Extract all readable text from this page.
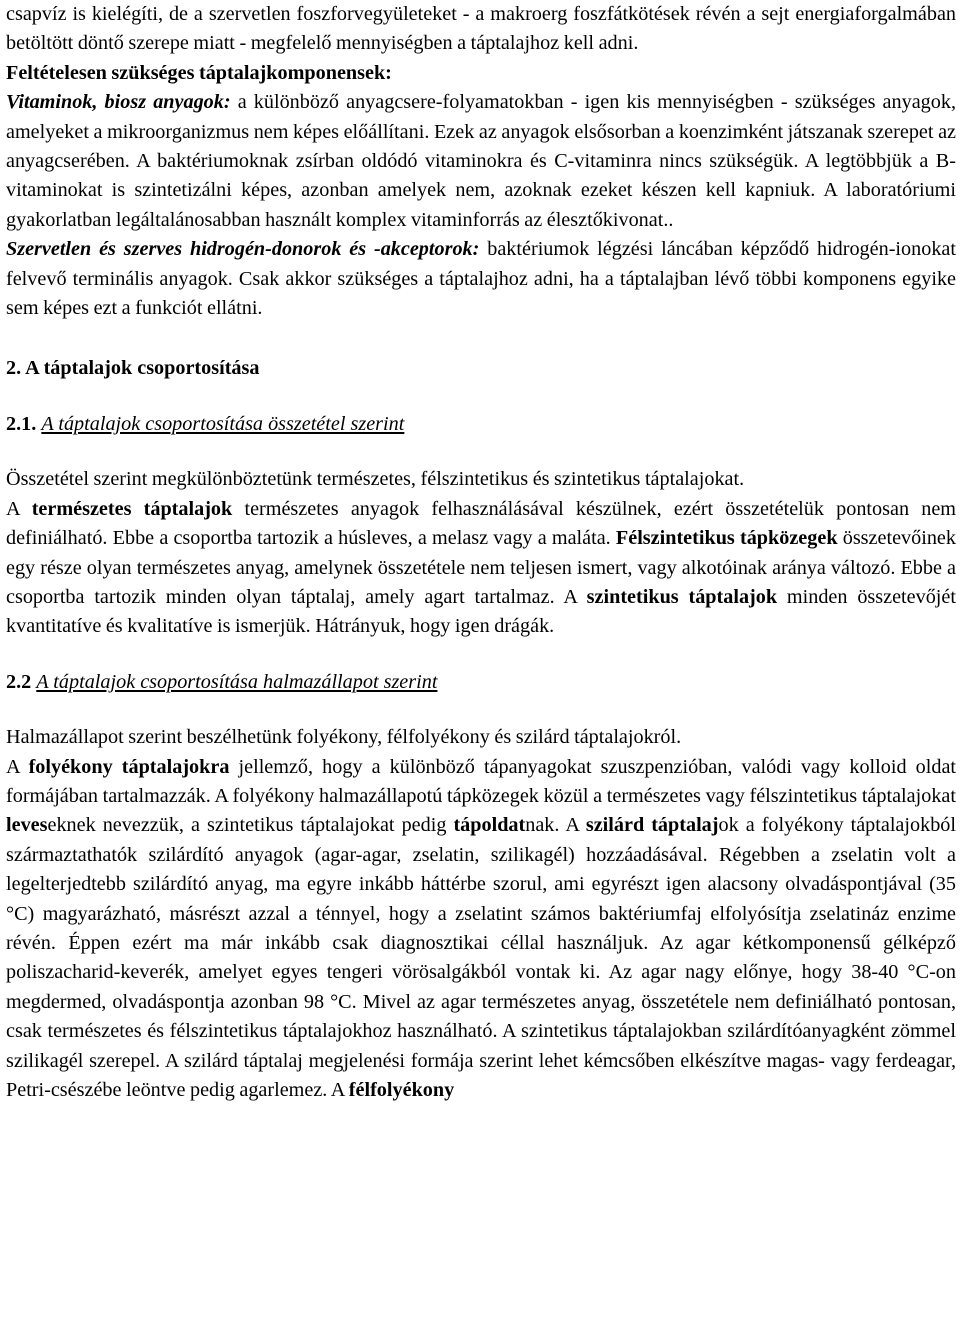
csapvíz is kielégíti, de a szervetlen foszforvegyületeket - a makroerg foszfátkötések révén a sejt energiaforgalmában betöltött döntő szerepe miatt - megfelelő mennyiségben a táptalajhoz kell adni.

Feltételesen szükséges táptalajkomponensek:

Vitaminok, biosz anyagok: a különböző anyagcsere-folyamatokban - igen kis mennyiségben - szükséges anyagok, amelyeket a mikroorganizmus nem képes előállítani. Ezek az anyagok elsősorban a koenzimként játszanak szerepet az anyagcserében. A baktériumoknak zsírban oldódó vitaminokra és C-vitaminra nincs szükségük. A legtöbbjük a B-vitaminokat is szintetizálni képes, azonban amelyek nem, azoknak ezeket készen kell kapniuk. A laboratóriumi gyakorlatban legáltalánosabban használt komplex vitaminforrás az élesztőkivonat..

Szervetlen és szerves hidrogén-donorok és -akceptorok: baktériumok légzési láncában képződő hidrogén-ionokat felvevő terminális anyagok. Csak akkor szükséges a táptalajhoz adni, ha a táptalajban lévő többi komponens egyike sem képes ezt a funkciót ellátni.

2. A táptalajok csoportosítása
2.1. A táptalajok csoportosítása összetétel szerint

Összetétel szerint megkülönböztetünk természetes, félszintetikus és szintetikus táptalajokat.

A természetes táptalajok természetes anyagok felhasználásával készülnek, ezért összetételük pontosan nem definiálható. Ebbe a csoportba tartozik a húsleves, a melasz vagy a maláta. Félszintetikus tápközegek összetevőinek egy része olyan természetes anyag, amelynek összetétele nem teljesen ismert, vagy alkotóinak aránya változó. Ebbe a csoportba tartozik minden olyan táptalaj, amely agart tartalmaz. A szintetikus táptalajok minden összetevőjét kvantitatíve és kvalitatíve is ismerjük. Hátrányuk, hogy igen drágák.

2.2 A táptalajok csoportosítása halmazállapot szerint

Halmazállapot szerint beszélhetünk folyékony, félfolyékony és szilárd táptalajokról.

A folyékony táptalajokra jellemző, hogy a különböző tápanyagokat szuszpenzióban, valódi vagy kolloid oldat formájában tartalmazzák. A folyékony halmazállapotú tápközegek közül a természetes vagy félszintetikus táptalajokat leveseknek nevezzük, a szintetikus táptalajokat pedig tápoldatnak. A szilárd táptalajok a folyékony táptalajokból származtathatók szilárdító anyagok (agar-agar, zselatin, szilikagél) hozzáadásával. Régebben a zselatin volt a legelterjedtebb szilárdító anyag, ma egyre inkább háttérbe szorul, ami egyrészt igen alacsony olvadáspontjával (35 °C) magyarázható, másrészt azzal a ténnyel, hogy a zselatint számos baktériumfaj elfolyósítja zselatináz enzime révén. Éppen ezért ma már inkább csak diagnosztikai céllal használjuk. Az agar kétkomponensű gélképző poliszacharid-keverék, amelyet egyes tengeri vörösalgákból vontak ki. Az agar nagy előnye, hogy 38-40 °C-on megdermed, olvadáspontja azonban 98 °C. Mivel az agar természetes anyag, összetétele nem definiálható pontosan, csak természetes és félszintetikus táptalajokhoz használható. A szintetikus táptalajokban szilárdítóanyagként zömmel szilikagél szerepel. A szilárd táptalaj megjelenési formája szerint lehet kémcsőben elkészítve magas- vagy ferdeagar, Petri-csészébe leöntve pedig agarlemez. A félfolyékony
